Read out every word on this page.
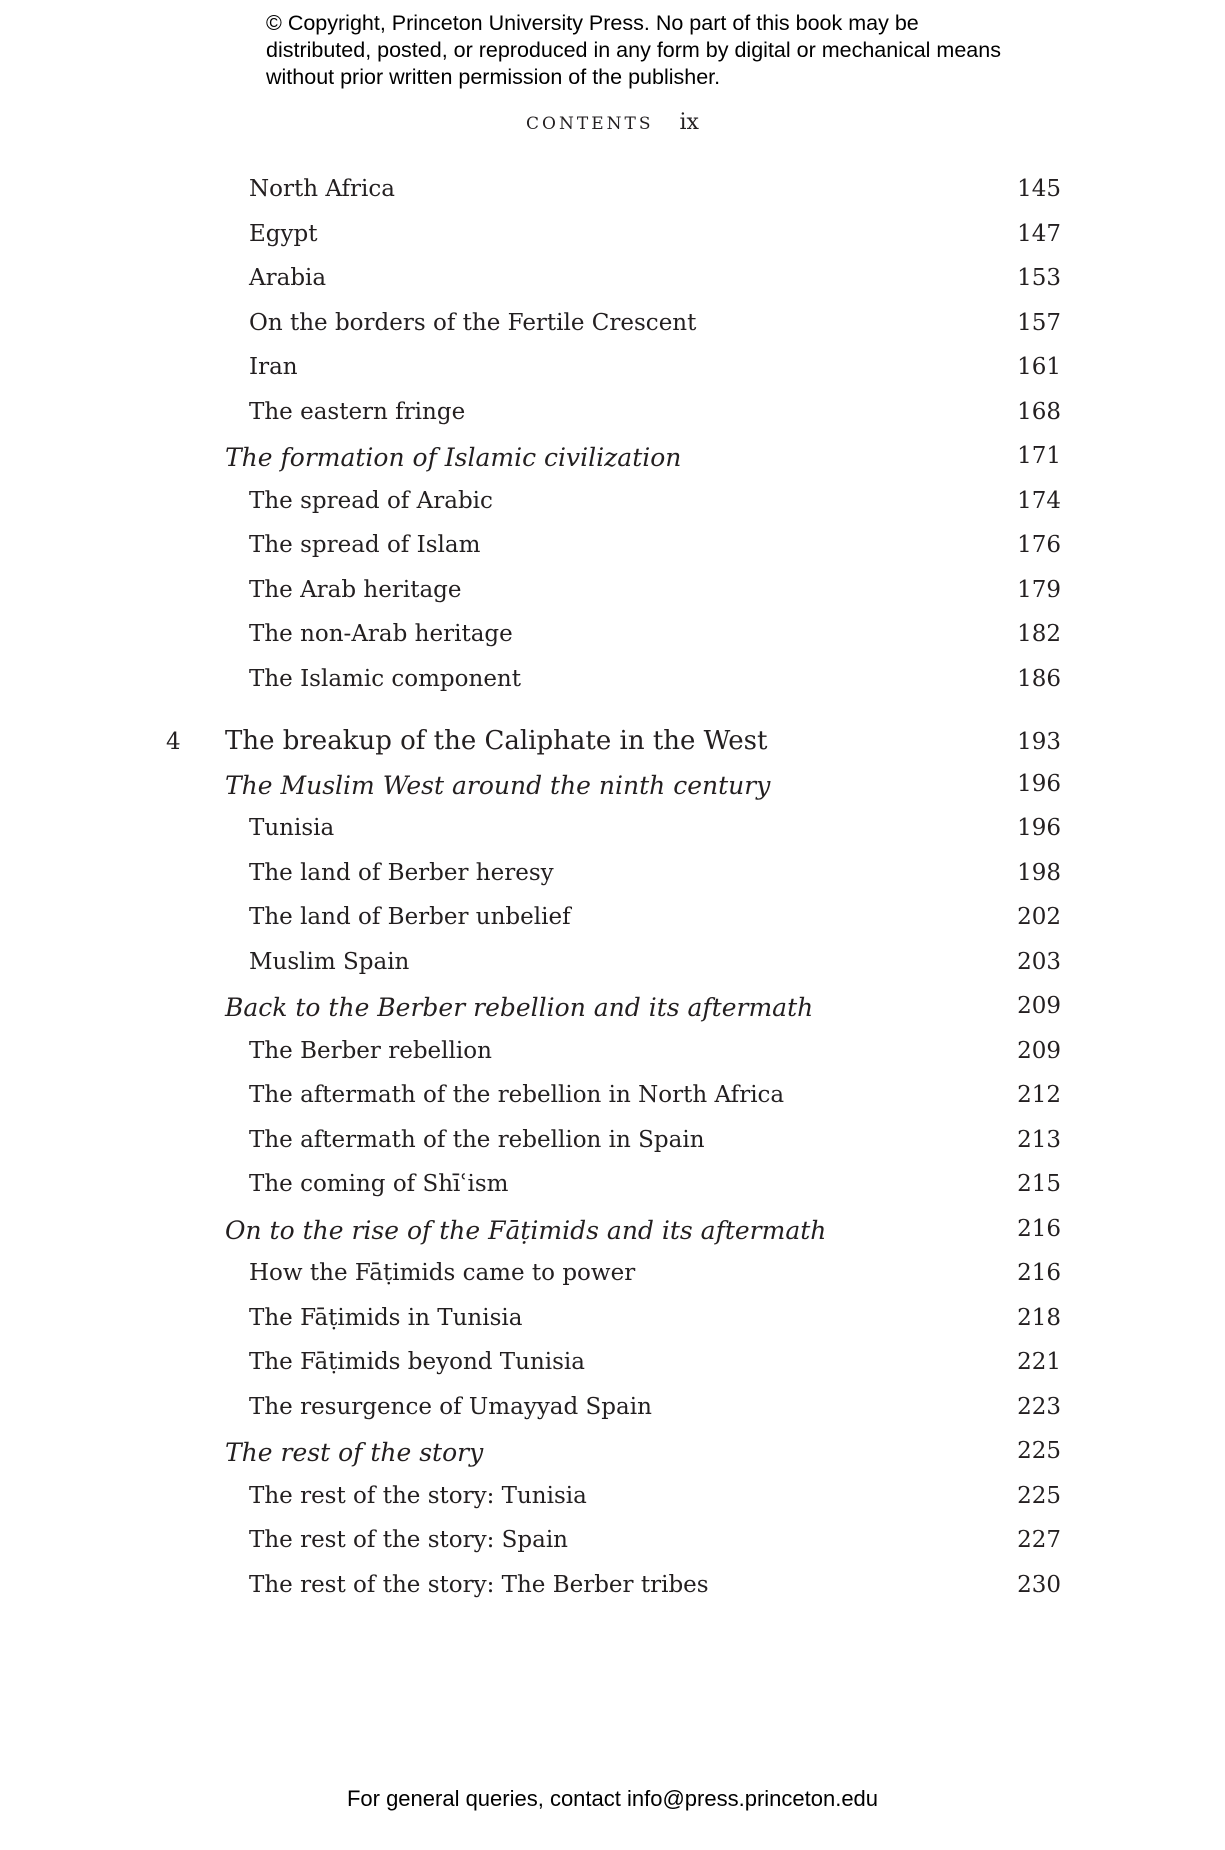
© Copyright, Princeton University Press. No part of this book may be distributed, posted, or reproduced in any form by digital or mechanical means without prior written permission of the publisher.
CONTENTS ix
North Africa	145
Egypt	147
Arabia	153
On the borders of the Fertile Crescent	157
Iran	161
The eastern fringe	168
The formation of Islamic civilization	171
The spread of Arabic	174
The spread of Islam	176
The Arab heritage	179
The non-Arab heritage	182
The Islamic component	186
4 The breakup of the Caliphate in the West	193
The Muslim West around the ninth century	196
Tunisia	196
The land of Berber heresy	198
The land of Berber unbelief	202
Muslim Spain	203
Back to the Berber rebellion and its aftermath	209
The Berber rebellion	209
The aftermath of the rebellion in North Africa	212
The aftermath of the rebellion in Spain	213
The coming of Shīʿism	215
On to the rise of the Fāṭimids and its aftermath	216
How the Fāṭimids came to power	216
The Fāṭimids in Tunisia	218
The Fāṭimids beyond Tunisia	221
The resurgence of Umayyad Spain	223
The rest of the story	225
The rest of the story: Tunisia	225
The rest of the story: Spain	227
The rest of the story: The Berber tribes	230
For general queries, contact info@press.princeton.edu
